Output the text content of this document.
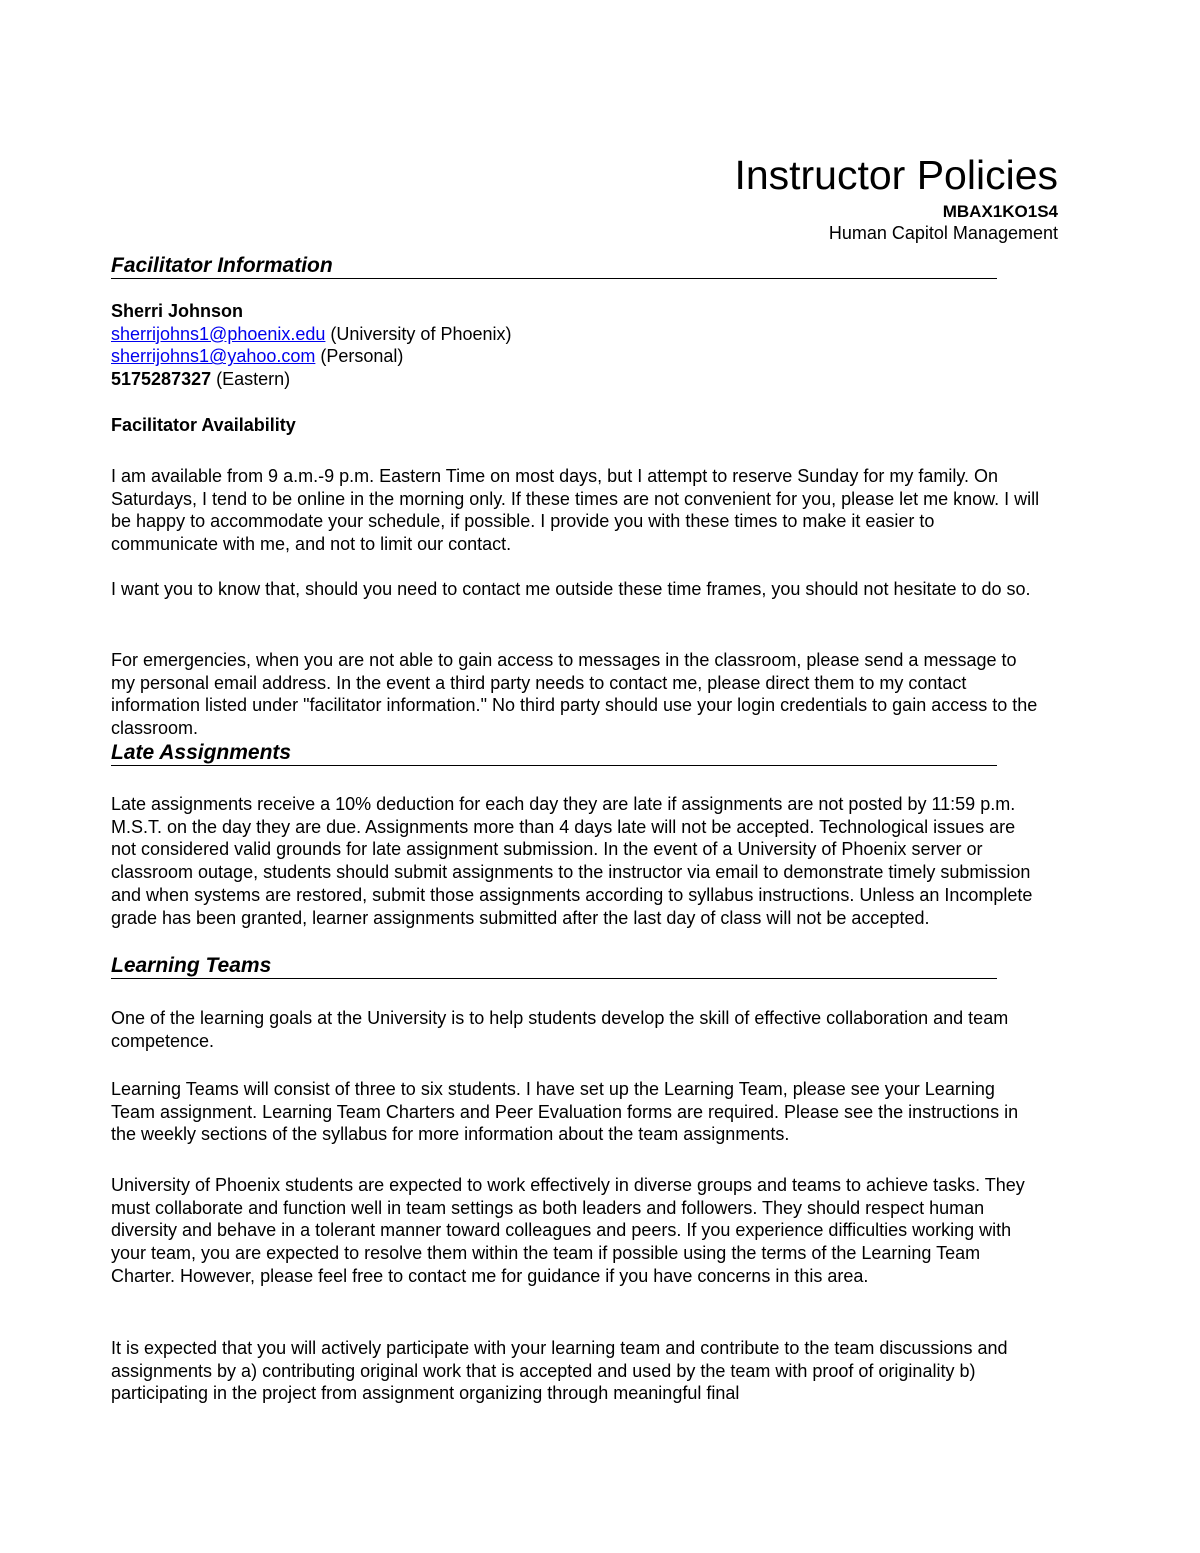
Instructor Policies
MBAX1KO1S4
Human Capitol Management
Facilitator Information

Sherri Johnson

sherrijohns1@phoenix.edu (University of Phoenix)

sherrijohns1@yahoo.com (Personal)

5175287327 (Eastern)

Facilitator Availability

I am available from 9 a.m.-9 p.m. Eastern Time on most days, but I attempt to reserve Sunday for my family. On Saturdays, I tend to be online in the morning only. If these times are not convenient for you, please let me know. I will be happy to accommodate your schedule, if possible. I provide you with these times to make it easier to communicate with me, and not to limit our contact.

I want you to know that, should you need to contact me outside these time frames, you should not hesitate to do so.

For emergencies, when you are not able to gain access to messages in the classroom, please send a message to my personal email address. In the event a third party needs to contact me, please direct them to my contact information listed under "facilitator information." No third party should use your login credentials to gain access to the classroom.

Late Assignments

Late assignments receive a 10% deduction for each day they are late if assignments are not posted by 11:59 p.m. M.S.T. on the day they are due. Assignments more than 4 days late will not be accepted. Technological issues are not considered valid grounds for late assignment submission. In the event of a University of Phoenix server or classroom outage, students should submit assignments to the instructor via email to demonstrate timely submission and when systems are restored, submit those assignments according to syllabus instructions. Unless an Incomplete grade has been granted, learner assignments submitted after the last day of class will not be accepted.

Learning Teams

One of the learning goals at the University is to help students develop the skill of effective collaboration and team competence.

Learning Teams will consist of three to six students. I have set up the Learning Team, please see your Learning Team assignment. Learning Team Charters and Peer Evaluation forms are required. Please see the instructions in the weekly sections of the syllabus for more information about the team assignments.

University of Phoenix students are expected to work effectively in diverse groups and teams to achieve tasks. They must collaborate and function well in team settings as both leaders and followers. They should respect human diversity and behave in a tolerant manner toward colleagues and peers. If you experience difficulties working with your team, you are expected to resolve them within the team if possible using the terms of the Learning Team Charter. However, please feel free to contact me for guidance if you have concerns in this area.

It is expected that you will actively participate with your learning team and contribute to the team discussions and assignments by a) contributing original work that is accepted and used by the team with proof of originality b) participating in the project from assignment organizing through meaningful final
